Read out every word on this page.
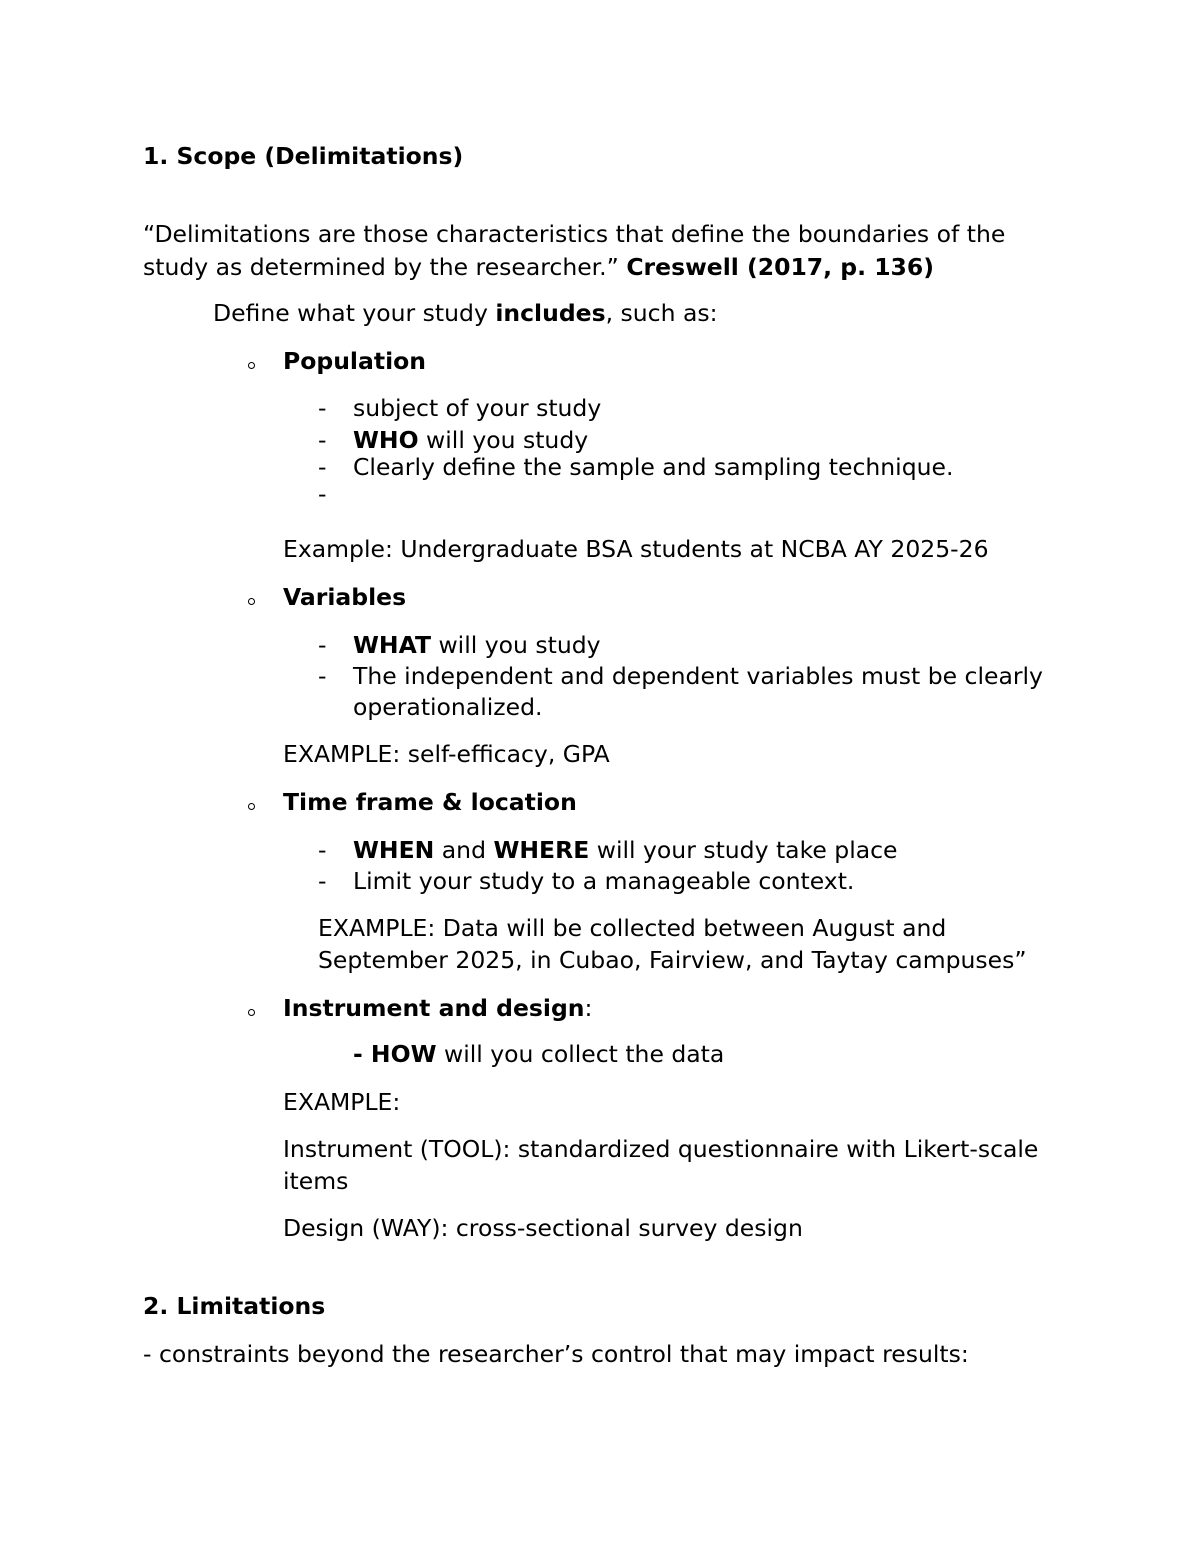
1. Scope (Delimitations)
“Delimitations are those characteristics that define the boundaries of the
study as determined by the researcher.” Creswell (2017, p. 136)
Define what your study includes, such as:
Population
- subject of your study
- WHO will you study
- Clearly define the sample and sampling technique.
-
Example: Undergraduate BSA students at NCBA AY 2025-26
Variables
- WHAT will you study
- The independent and dependent variables must be clearly
operationalized.
EXAMPLE: self-efficacy, GPA
Time frame & location
- WHEN and WHERE will your study take place
- Limit your study to a manageable context.
EXAMPLE: Data will be collected between August and
September 2025, in Cubao, Fairview, and Taytay campuses”
Instrument and design:
- HOW will you collect the data
EXAMPLE:
Instrument (TOOL): standardized questionnaire with Likert-scale
items
Design (WAY): cross-sectional survey design
2. Limitations
- constraints beyond the researcher’s control that may impact results:
